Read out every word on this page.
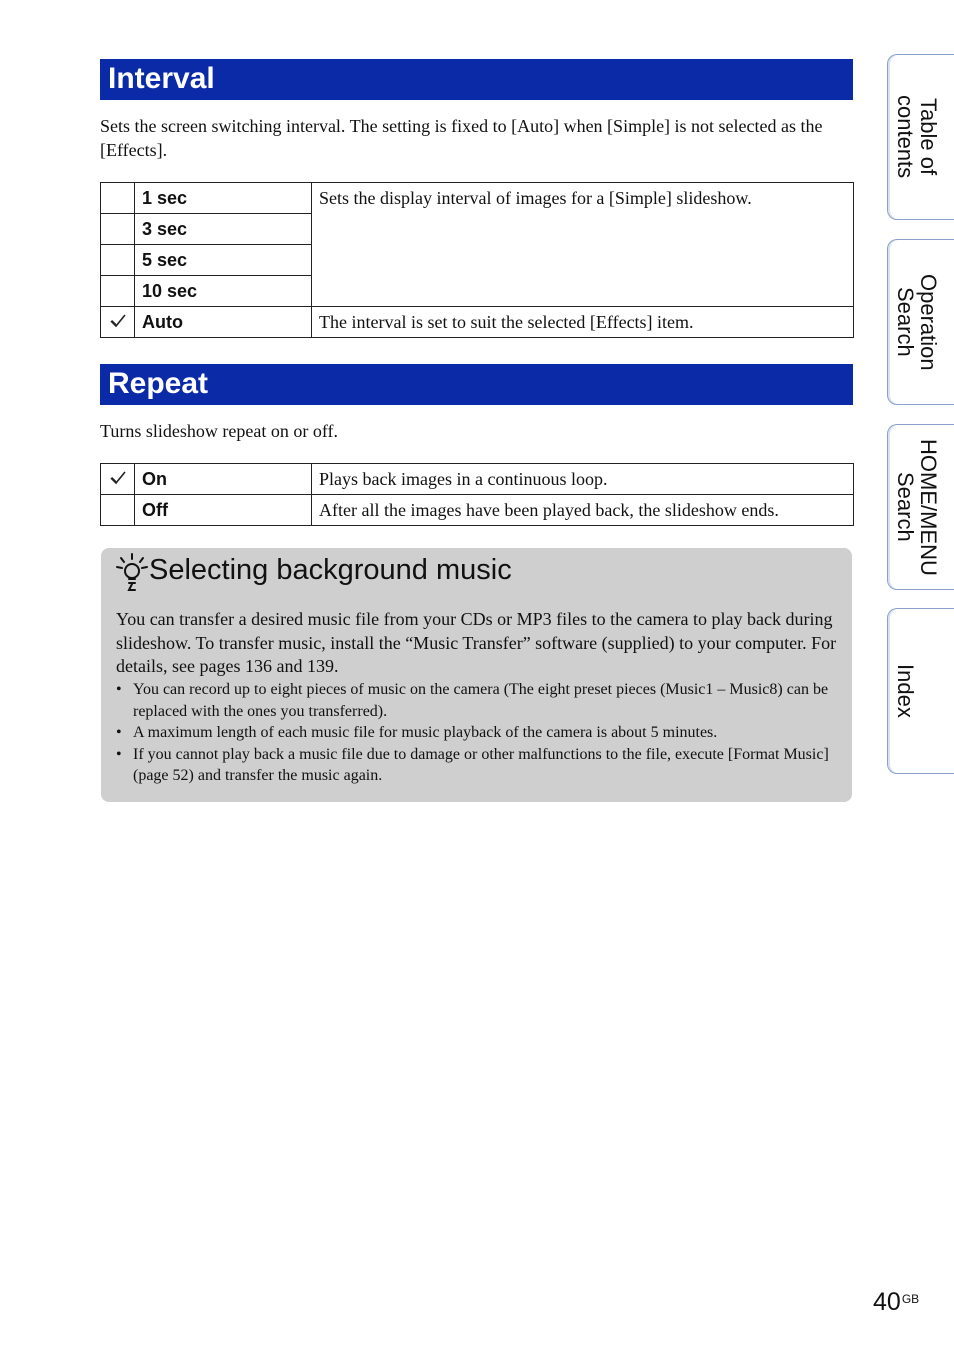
Interval

Sets the screen switching interval. The setting is fixed to [Auto] when [Simple] is not selected as the [Effects].

	1 sec	Sets the display interval of images for a [Simple] slideshow.
	3 sec	
	5 sec	
	10 sec	
	Auto	The interval is set to suit the selected [Effects] item.
Repeat

Turns slideshow repeat on or off.

	On	Plays back images in a continuous loop.
	Off	After all the images have been played back, the slideshow ends.
Selecting background music

You can transfer a desired music file from your CDs or MP3 files to the camera to play back during slideshow. To transfer music, install the “Music Transfer” software (supplied) to your computer. For details, see pages 136 and 139.

• You can record up to eight pieces of music on the camera (The eight preset pieces (Music1 – Music8) can be replaced with the ones you transferred).
• A maximum length of each music file for music playback of the camera is about 5 minutes.
• If you cannot play back a music file due to damage or other malfunctions to the file, execute [Format Music] (page 52) and transfer the music again.
Table of
contents
Operation
Search
HOME/MENU
Search
Index
$40^{GB}$
